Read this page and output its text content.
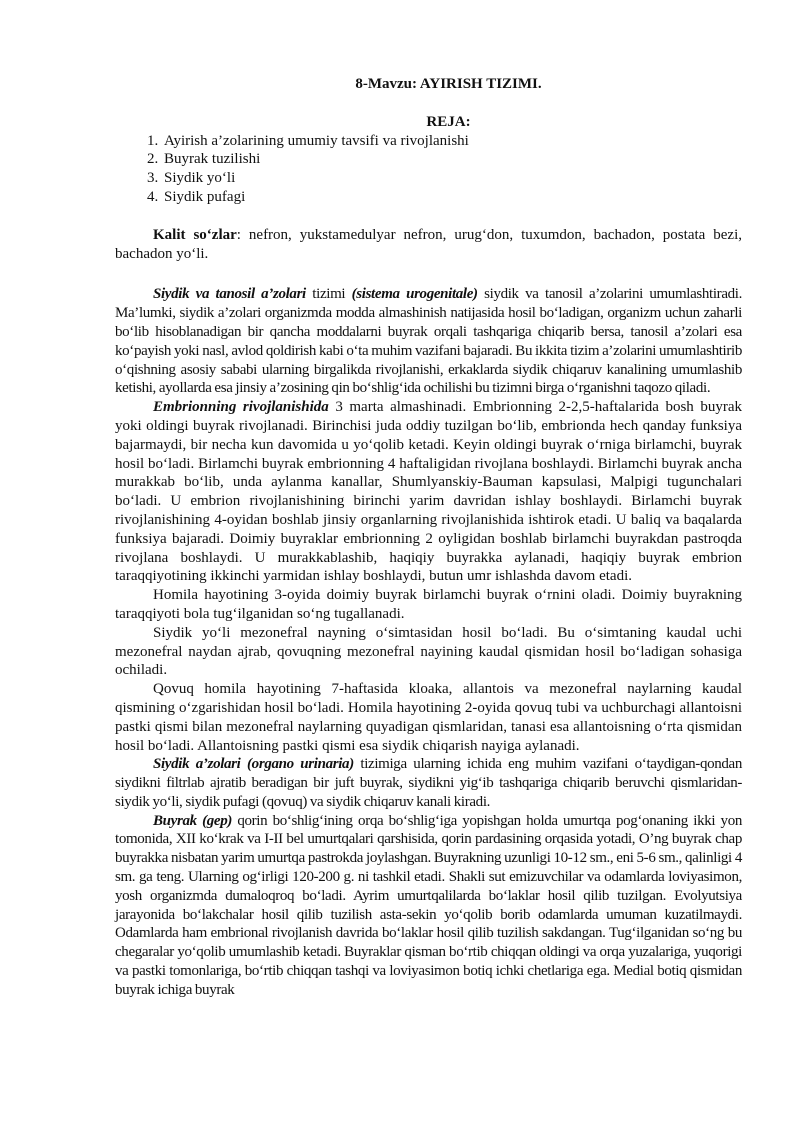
8-Mavzu: AYIRISH TIZIMI.

REJA:

1. Ayirish a’zolarining umumiy tavsifi va rivojlanishi
2. Buyrak tuzilishi
3. Siydik yo‘li
4. Siydik pufagi

Kalit so‘zlar: nefron, yukstamedulyar nefron, urug‘don, tuxumdon, bachadon, postata bezi, bachadon yo‘li.

Siydik va tanosil a’zolari tizimi (sistema urogenitale) siydik va tanosil a’zolarini umumlashtiradi. Ma’lumki, siydik a’zolari organizmda modda almashinish natijasida hosil bo‘ladigan, organizm uchun zaharli bo‘lib hisoblanadigan bir qancha moddalarni buyrak orqali tashqariga chiqarib bersa, tanosil a’zolari esa ko‘payish yoki nasl, avlod qoldirish kabi o‘ta muhim vazifani bajaradi. Bu ikkita tizim a’zolarini umumlashtirib o‘qishning asosiy sababi ularning birgalikda rivojlanishi, erkaklarda siydik chiqaruv kanalining umumlashib ketishi, ayollarda esa jinsiy a’zosining qin bo‘shlig‘ida ochilishi bu tizimni birga o‘rganishni taqozo qiladi.

Embrionning rivojlanishida 3 marta almashinadi. Embrionning 2-2,5-haftalarida bosh buyrak yoki oldingi buyrak rivojlanadi. Birinchisi juda oddiy tuzilgan bo‘lib, embrionda hech qanday funksiya bajarmaydi, bir necha kun davomida u yo‘qolib ketadi. Keyin oldingi buyrak o‘rniga birlamchi, buyrak hosil bo‘ladi. Birlamchi buyrak embrionning 4 haftaligidan rivojlana boshlaydi. Birlamchi buyrak ancha murakkab bo‘lib, unda aylanma kanallar, Shumlyanskiy-Bauman kapsulasi, Malpigi tugunchalari bo‘ladi. U embrion rivojlanishining birinchi yarim davridan ishlay boshlaydi. Birlamchi buyrak rivojlanishining 4-oyidan boshlab jinsiy organlarning rivojlanishida ishtirok etadi. U baliq va baqalarda funksiya bajaradi. Doimiy buyraklar embrionning 2 oyligidan boshlab birlamchi buyrakdan pastroqda rivojlana boshlaydi. U murakkablashib, haqiqiy buyrakka aylanadi, haqiqiy buyrak embrion taraqqiyotining ikkinchi yarmidan ishlay boshlaydi, butun umr ishlashda davom etadi.

Homila hayotining 3-oyida doimiy buyrak birlamchi buyrak o‘rnini oladi. Doimiy buyrakning taraqqiyoti bola tug‘ilganidan so‘ng tugallanadi.

Siydik yo‘li mezonefral nayning o‘simtasidan hosil bo‘ladi. Bu o‘simtaning kaudal uchi mezonefral naydan ajrab, qovuqning mezonefral nayining kaudal qismidan hosil bo‘ladigan sohasiga ochiladi.

Qovuq homila hayotining 7-haftasida kloaka, allantois va mezonefral naylarning kaudal qismining o‘zgarishidan hosil bo‘ladi. Homila hayotining 2-oyida qovuq tubi va uchburchagi allantoisni pastki qismi bilan mezonefral naylarning quyadigan qismlaridan, tanasi esa allantoisning o‘rta qismidan hosil bo‘ladi. Allantoisning pastki qismi esa siydik chiqarish nayiga aylanadi.

Siydik a’zolari (organo urinaria) tizimiga ularning ichida eng muhim vazifani o‘taydigan-qondan siydikni filtrlab ajratib beradigan bir juft buyrak, siydikni yig‘ib tashqariga chiqarib beruvchi qismlaridan-siydik yo‘li, siydik pufagi (qovuq) va siydik chiqaruv kanali kiradi.

Buyrak (gep) qorin bo‘shlig‘ining orqa bo‘shlig‘iga yopishgan holda umurtqa pog‘onaning ikki yon tomonida, XII ko‘krak va I-II bel umurtqalari qarshisida, qorin pardasining orqasida yotadi, O’ng buyrak chap buyrakka nisbatan yarim umurtqa pastrokda joylashgan. Buyrakning uzunligi 10-12 sm., eni 5-6 sm., qalinligi 4 sm. ga teng. Ularning og‘irligi 120-200 g. ni tashkil etadi. Shakli sut emizuvchilar va odamlarda loviyasimon, yosh organizmda dumaloqroq bo‘ladi. Ayrim umurtqalilarda bo‘laklar hosil qilib tuzilgan. Evolyutsiya jarayonida bo‘lakchalar hosil qilib tuzilish asta-sekin yo‘qolib borib odamlarda umuman kuzatilmaydi. Odamlarda ham embrional rivojlanish davrida bo‘laklar hosil qilib tuzilish sakdangan. Tug‘ilganidan so‘ng bu chegaralar yo‘qolib umumlashib ketadi. Buyraklar qisman bo‘rtib chiqqan oldingi va orqa yuzalariga, yuqorigi va pastki tomonlariga, bo‘rtib chiqqan tashqi va loviyasimon botiq ichki chetlariga ega. Medial botiq qismidan buyrak ichiga buyrak
